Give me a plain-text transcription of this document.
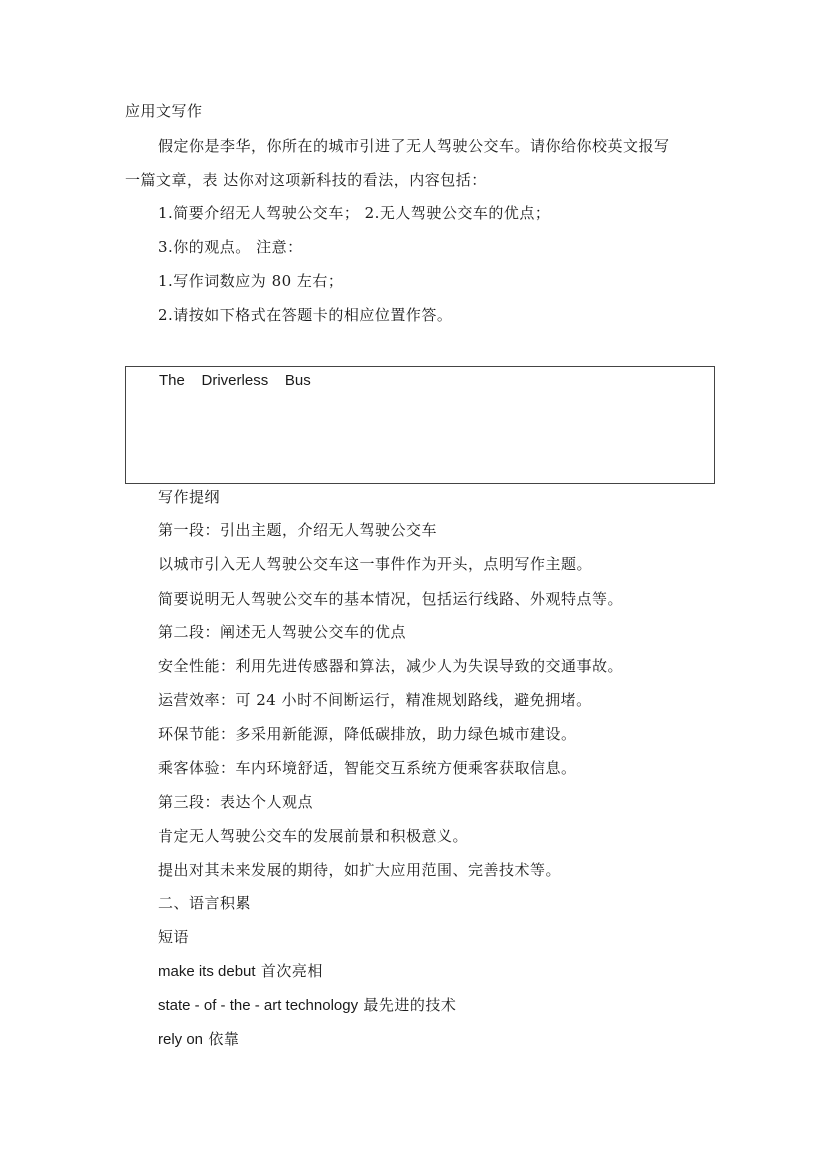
应用文写作
假定你是李华，你所在的城市引进了无人驾驶公交车。请你给你校英文报写
一篇文章，表 达你对这项新科技的看法，内容包括：
1.简要介绍无人驾驶公交车； 2.无人驾驶公交车的优点；
3.你的观点。 注意：
1.写作词数应为 80 左右；
2.请按如下格式在答题卡的相应位置作答。
The    Driverless    Bus
写作提纲
第一段：引出主题，介绍无人驾驶公交车
以城市引入无人驾驶公交车这一事件作为开头，点明写作主题。
简要说明无人驾驶公交车的基本情况，包括运行线路、外观特点等。
第二段：阐述无人驾驶公交车的优点
安全性能：利用先进传感器和算法，减少人为失误导致的交通事故。
运营效率：可 24 小时不间断运行，精准规划路线，避免拥堵。
环保节能：多采用新能源，降低碳排放，助力绿色城市建设。
乘客体验：车内环境舒适，智能交互系统方便乘客获取信息。
第三段：表达个人观点
肯定无人驾驶公交车的发展前景和积极意义。
提出对其未来发展的期待，如扩大应用范围、完善技术等。
二、语言积累
短语
make its debut 首次亮相
state - of - the - art technology 最先进的技术
rely on 依靠
